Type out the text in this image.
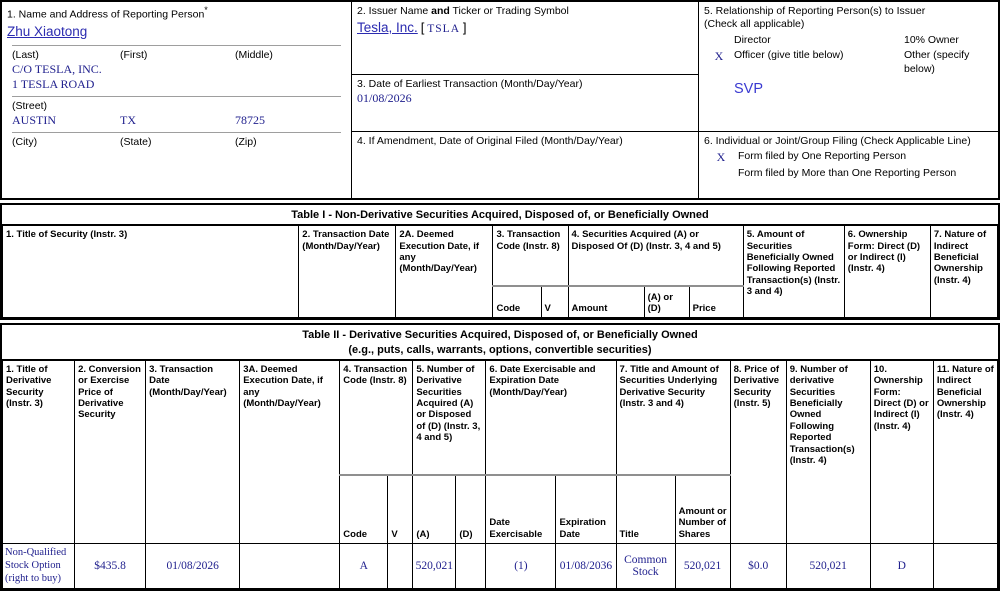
1. Name and Address of Reporting Person*
Zhu Xiaotong
(Last)	(First)	(Middle)
C/O TESLA, INC.
1 TESLA ROAD
(Street)
AUSTIN	TX	78725
(City)	(State)	(Zip)
2. Issuer Name and Ticker or Trading Symbol
Tesla, Inc. [ TSLA ]
3. Date of Earliest Transaction (Month/Day/Year)
01/08/2026
4. If Amendment, Date of Original Filed (Month/Day/Year)
5. Relationship of Reporting Person(s) to Issuer
(Check all applicable)
Director	10% Owner
X	Officer (give title below)	Other (specify below)
SVP
6. Individual or Joint/Group Filing (Check Applicable Line)
X	Form filed by One Reporting Person
Form filed by More than One Reporting Person
Table I - Non-Derivative Securities Acquired, Disposed of, or Beneficially Owned
1. Title of Security (Instr. 3)	2. Transaction Date (Month/Day/Year)	2A. Deemed Execution Date, if any (Month/Day/Year)	3. Transaction Code (Instr. 8)		4. Securities Acquired (A) or Disposed Of (D) (Instr. 3, 4 and 5)			5. Amount of Securities Beneficially Owned Following Reported Transaction(s) (Instr. 3 and 4)	6. Ownership Form: Direct (D) or Indirect (I) (Instr. 4)	7. Nature of Indirect Beneficial Ownership (Instr. 4)
			Code	V	Amount	(A) or (D)	Price			
Table II - Derivative Securities Acquired, Disposed of, or Beneficially Owned
(e.g., puts, calls, warrants, options, convertible securities)
1. Title of Derivative Security (Instr. 3)	2. Conversion or Exercise Price of Derivative Security	3. Transaction Date (Month/Day/Year)	3A. Deemed Execution Date, if any (Month/Day/Year)	4. Transaction Code (Instr. 8)		5. Number of Derivative Securities Acquired (A) or Disposed of (D) (Instr. 3, 4 and 5)		6. Date Exercisable and Expiration Date (Month/Day/Year)		7. Title and Amount of Securities Underlying Derivative Security (Instr. 3 and 4)		8. Price of Derivative Security (Instr. 5)	9. Number of derivative Securities Beneficially Owned Following Reported Transaction(s) (Instr. 4)	10. Ownership Form: Direct (D) or Indirect (I) (Instr. 4)	11. Nature of Indirect Beneficial Ownership (Instr. 4)
				Code	V	(A)	(D)	Date Exercisable	Expiration Date	Title	Amount or Number of Shares				
Non-Qualified Stock Option (right to buy)	$435.8	01/08/2026		A		520,021		(1)	01/08/2036	Common Stock	520,021	$0.0	520,021	D	
